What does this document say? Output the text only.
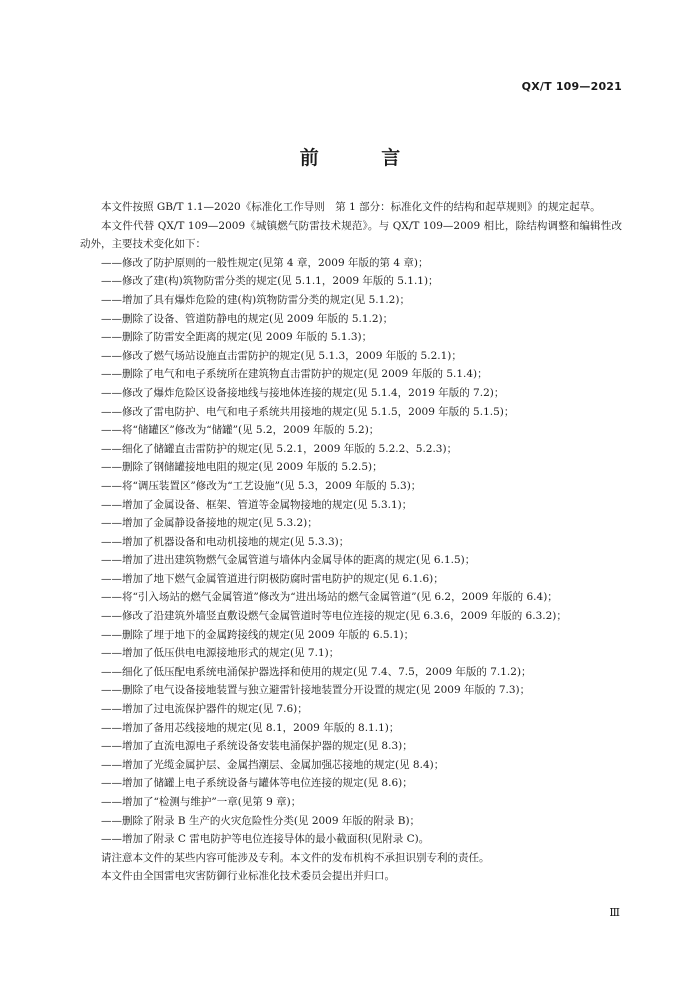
QX/T 109—2021
前 言

本文件按照 GB/T 1.1—2020《标准化工作导则　第 1 部分：标准化文件的结构和起草规则》的规定起草。

本文件代替 QX/T 109—2009《城镇燃气防雷技术规范》。与 QX/T 109—2009 相比，除结构调整和编辑性改动外，主要技术变化如下：

——修改了防护原则的一般性规定(见第 4 章，2009 年版的第 4 章)；

——修改了建(构)筑物防雷分类的规定(见 5.1.1，2009 年版的 5.1.1)；

——增加了具有爆炸危险的建(构)筑物防雷分类的规定(见 5.1.2)；

——删除了设备、管道防静电的规定(见 2009 年版的 5.1.2)；

——删除了防雷安全距离的规定(见 2009 年版的 5.1.3)；

——修改了燃气场站设施直击雷防护的规定(见 5.1.3，2009 年版的 5.2.1)；

——删除了电气和电子系统所在建筑物直击雷防护的规定(见 2009 年版的 5.1.4)；

——修改了爆炸危险区设备接地线与接地体连接的规定(见 5.1.4，2019 年版的 7.2)；

——修改了雷电防护、电气和电子系统共用接地的规定(见 5.1.5，2009 年版的 5.1.5)；

——将“储罐区”修改为“储罐”(见 5.2，2009 年版的 5.2)；

——细化了储罐直击雷防护的规定(见 5.2.1，2009 年版的 5.2.2、5.2.3)；

——删除了钢储罐接地电阻的规定(见 2009 年版的 5.2.5)；

——将“调压装置区”修改为“工艺设施”(见 5.3，2009 年版的 5.3)；

——增加了金属设备、框架、管道等金属物接地的规定(见 5.3.1)；

——增加了金属静设备接地的规定(见 5.3.2)；

——增加了机器设备和电动机接地的规定(见 5.3.3)；

——增加了进出建筑物燃气金属管道与墙体内金属导体的距离的规定(见 6.1.5)；

——增加了地下燃气金属管道进行阴极防腐时雷电防护的规定(见 6.1.6)；

——将“引入场站的燃气金属管道”修改为“进出场站的燃气金属管道”(见 6.2，2009 年版的 6.4)；

——修改了沿建筑外墙竖直敷设燃气金属管道时等电位连接的规定(见 6.3.6，2009 年版的 6.3.2)；

——删除了埋于地下的金属跨接线的规定(见 2009 年版的 6.5.1)；

——增加了低压供电电源接地形式的规定(见 7.1)；

——细化了低压配电系统电涌保护器选择和使用的规定(见 7.4、7.5，2009 年版的 7.1.2)；

——删除了电气设备接地装置与独立避雷针接地装置分开设置的规定(见 2009 年版的 7.3)；

——增加了过电流保护器件的规定(见 7.6)；

——增加了备用芯线接地的规定(见 8.1，2009 年版的 8.1.1)；

——增加了直流电源电子系统设备安装电涌保护器的规定(见 8.3)；

——增加了光缆金属护层、金属挡潮层、金属加强芯接地的规定(见 8.4)；

——增加了储罐上电子系统设备与罐体等电位连接的规定(见 8.6)；

——增加了“检测与维护”一章(见第 9 章)；

——删除了附录 B 生产的火灾危险性分类(见 2009 年版的附录 B)；

——增加了附录 C 雷电防护等电位连接导体的最小截面积(见附录 C)。

请注意本文件的某些内容可能涉及专利。本文件的发布机构不承担识别专利的责任。

本文件由全国雷电灾害防御行业标准化技术委员会提出并归口。

Ⅲ
